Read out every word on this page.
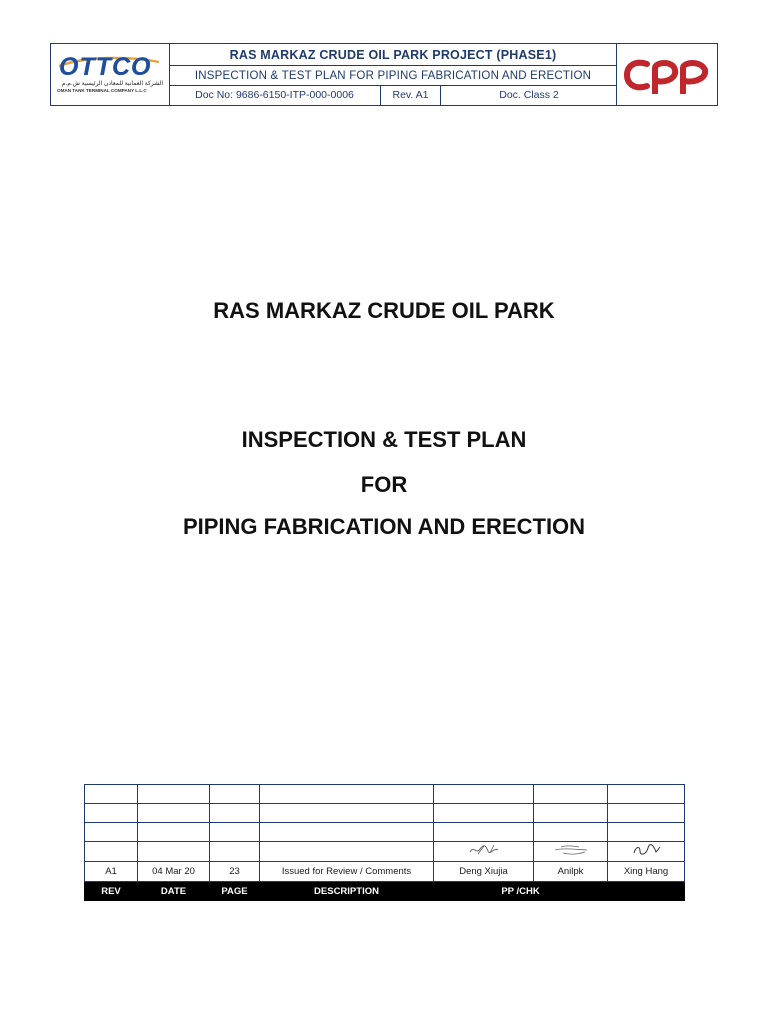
OTTCO
الشركة العمانية للمعادن الرئيسية ش.م.م
OMAN TANK TERMINAL COMPANY L.L.C
RAS MARKAZ CRUDE OIL PARK PROJECT (PHASE1)
INSPECTION & TEST PLAN FOR PIPING FABRICATION AND ERECTION
Doc No: 9686-6150-ITP-000-0006	Rev. A1	Doc. Class 2
RAS MARKAZ CRUDE OIL PARK
INSPECTION & TEST PLAN
FOR
PIPING FABRICATION AND ERECTION

A1	04 Mar 20	23	Issued for Review / Comments	Deng Xiujia	Anilpk	Xing Hang
REV	DATE	PAGE	DESCRIPTION	PP /CHK		
